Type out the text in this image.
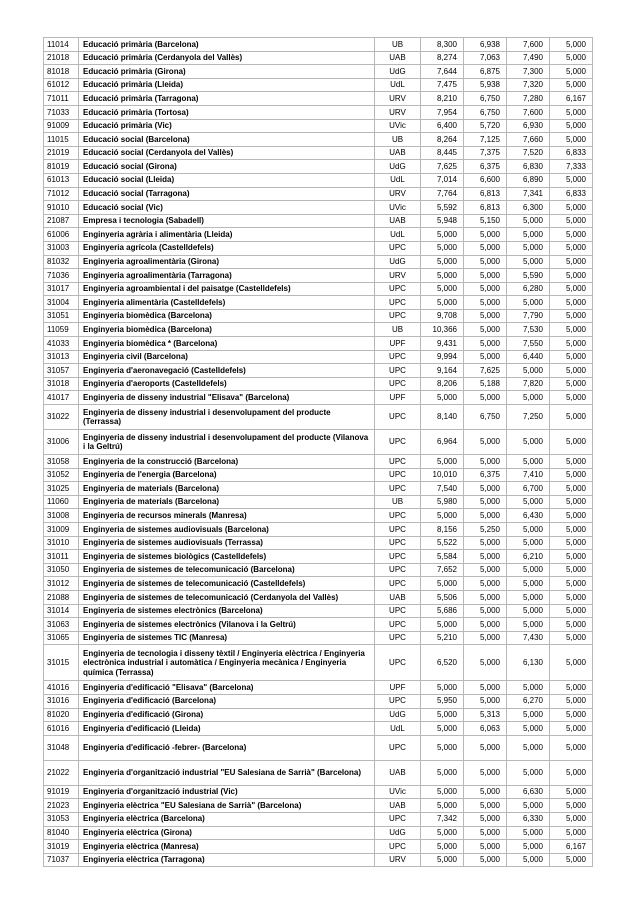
11014	Educació primària (Barcelona)	UB	8,300	6,938	7,600	5,000
21018	Educació primària (Cerdanyola del Vallès)	UAB	8,274	7,063	7,490	5,000
81018	Educació primària (Girona)	UdG	7,644	6,875	7,300	5,000
61012	Educació primària (Lleida)	UdL	7,475	5,938	7,320	5,000
71011	Educació primària (Tarragona)	URV	8,210	6,750	7,280	6,167
71033	Educació primària (Tortosa)	URV	7,954	6,750	7,600	5,000
91009	Educació primària (Vic)	UVic	6,400	5,720	6,930	5,000
11015	Educació social (Barcelona)	UB	8,264	7,125	7,660	5,000
21019	Educació social (Cerdanyola del Vallès)	UAB	8,445	7,375	7,520	6,833
81019	Educació social (Girona)	UdG	7,625	6,375	6,830	7,333
61013	Educació social (Lleida)	UdL	7,014	6,600	6,890	5,000
71012	Educació social (Tarragona)	URV	7,764	6,813	7,341	6,833
91010	Educació social (Vic)	UVic	5,592	6,813	6,300	5,000
21087	Empresa i tecnologia (Sabadell)	UAB	5,948	5,150	5,000	5,000
61006	Enginyeria agrària i alimentària (Lleida)	UdL	5,000	5,000	5,000	5,000
31003	Enginyeria agrícola (Castelldefels)	UPC	5,000	5,000	5,000	5,000
81032	Enginyeria agroalimentària (Girona)	UdG	5,000	5,000	5,000	5,000
71036	Enginyeria agroalimentària (Tarragona)	URV	5,000	5,000	5,590	5,000
31017	Enginyeria agroambiental i del paisatge (Castelldefels)	UPC	5,000	5,000	6,280	5,000
31004	Enginyeria alimentària (Castelldefels)	UPC	5,000	5,000	5,000	5,000
31051	Enginyeria biomèdica (Barcelona)	UPC	9,708	5,000	7,790	5,000
11059	Enginyeria biomèdica (Barcelona)	UB	10,366	5,000	7,530	5,000
41033	Enginyeria biomèdica * (Barcelona)	UPF	9,431	5,000	7,550	5,000
31013	Enginyeria civil (Barcelona)	UPC	9,994	5,000	6,440	5,000
31057	Enginyeria d'aeronavegació (Castelldefels)	UPC	9,164	7,625	5,000	5,000
31018	Enginyeria d'aeroports (Castelldefels)	UPC	8,206	5,188	7,820	5,000
41017	Enginyeria de disseny industrial "Elisava" (Barcelona)	UPF	5,000	5,000	5,000	5,000
31022	Enginyeria de disseny industrial i desenvolupament del producte (Terrassa)	UPC	8,140	6,750	7,250	5,000
31006	Enginyeria de disseny industrial i desenvolupament del producte (Vilanova i la Geltrú)	UPC	6,964	5,000	5,000	5,000
31058	Enginyeria de la construcció (Barcelona)	UPC	5,000	5,000	5,000	5,000
31052	Enginyeria de l'energia (Barcelona)	UPC	10,010	6,375	7,410	5,000
31025	Enginyeria de materials (Barcelona)	UPC	7,540	5,000	6,700	5,000
11060	Enginyeria de materials (Barcelona)	UB	5,980	5,000	5,000	5,000
31008	Enginyeria de recursos minerals (Manresa)	UPC	5,000	5,000	6,430	5,000
31009	Enginyeria de sistemes audiovisuals (Barcelona)	UPC	8,156	5,250	5,000	5,000
31010	Enginyeria de sistemes audiovisuals (Terrassa)	UPC	5,522	5,000	5,000	5,000
31011	Enginyeria de sistemes biològics (Castelldefels)	UPC	5,584	5,000	6,210	5,000
31050	Enginyeria de sistemes de telecomunicació (Barcelona)	UPC	7,652	5,000	5,000	5,000
31012	Enginyeria de sistemes de telecomunicació (Castelldefels)	UPC	5,000	5,000	5,000	5,000
21088	Enginyeria de sistemes de telecomunicació (Cerdanyola del Vallès)	UAB	5,506	5,000	5,000	5,000
31014	Enginyeria de sistemes electrònics (Barcelona)	UPC	5,686	5,000	5,000	5,000
31063	Enginyeria de sistemes electrònics (Vilanova i la Geltrú)	UPC	5,000	5,000	5,000	5,000
31065	Enginyeria de sistemes TIC (Manresa)	UPC	5,210	5,000	7,430	5,000
31015	Enginyeria de tecnologia i disseny tèxtil / Enginyeria elèctrica / Enginyeria electrònica industrial i automàtica / Enginyeria mecànica / Enginyeria química (Terrassa)	UPC	6,520	5,000	6,130	5,000
41016	Enginyeria d'edificació "Elisava" (Barcelona)	UPF	5,000	5,000	5,000	5,000
31016	Enginyeria d'edificació (Barcelona)	UPC	5,950	5,000	6,270	5,000
81020	Enginyeria d'edificació (Girona)	UdG	5,000	5,313	5,000	5,000
61016	Enginyeria d'edificació (Lleida)	UdL	5,000	6,063	5,000	5,000
31048	Enginyeria d'edificació -febrer- (Barcelona)	UPC	5,000	5,000	5,000	5,000
21022	Enginyeria d'organització industrial "EU Salesiana de Sarrià" (Barcelona)	UAB	5,000	5,000	5,000	5,000
91019	Enginyeria d'organització industrial (Vic)	UVic	5,000	5,000	6,630	5,000
21023	Enginyeria elèctrica "EU Salesiana de Sarrià" (Barcelona)	UAB	5,000	5,000	5,000	5,000
31053	Enginyeria elèctrica (Barcelona)	UPC	7,342	5,000	6,330	5,000
81040	Enginyeria elèctrica (Girona)	UdG	5,000	5,000	5,000	5,000
31019	Enginyeria elèctrica (Manresa)	UPC	5,000	5,000	5,000	6,167
71037	Enginyeria elèctrica (Tarragona)	URV	5,000	5,000	5,000	5,000
